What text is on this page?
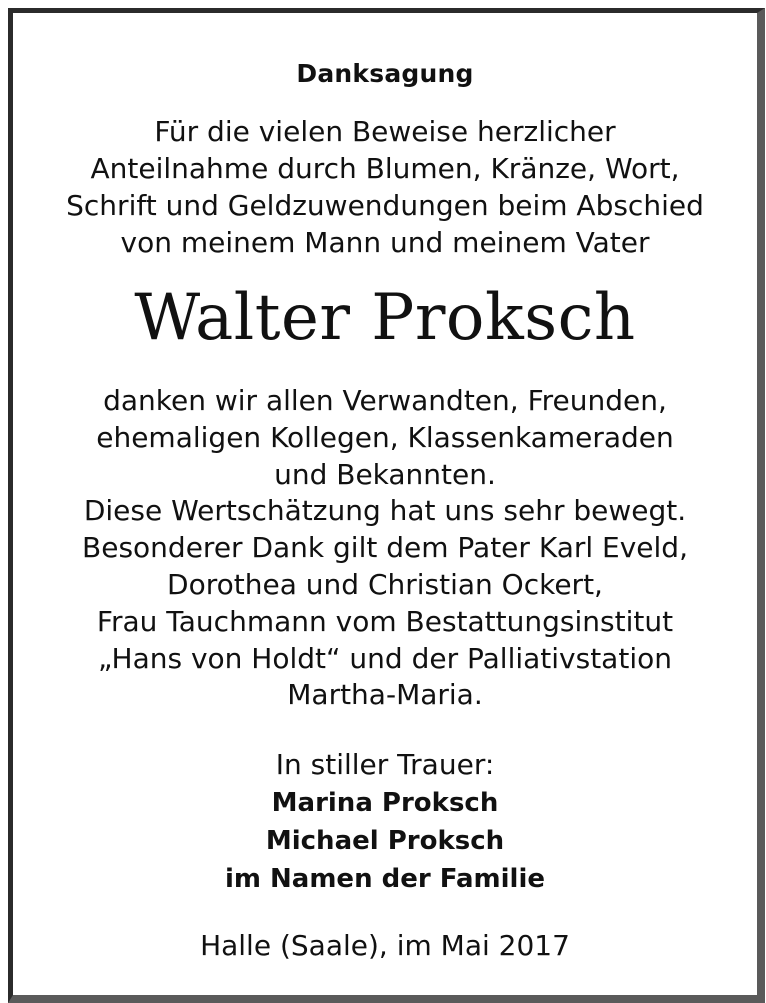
Danksagung
Für die vielen Beweise herzlicher
Anteilnahme durch Blumen, Kränze, Wort,
Schrift und Geldzuwendungen beim Abschied
von meinem Mann und meinem Vater
Walter Proksch
danken wir allen Verwandten, Freunden,
ehemaligen Kollegen, Klassenkameraden
und Bekannten.
Diese Wertschätzung hat uns sehr bewegt.
Besonderer Dank gilt dem Pater Karl Eveld,
Dorothea und Christian Ockert,
Frau Tauchmann vom Bestattungsinstitut
„Hans von Holdt“ und der Palliativstation
Martha-Maria.
In stiller Trauer:
Marina Proksch
Michael Proksch
im Namen der Familie
Halle (Saale), im Mai 2017
